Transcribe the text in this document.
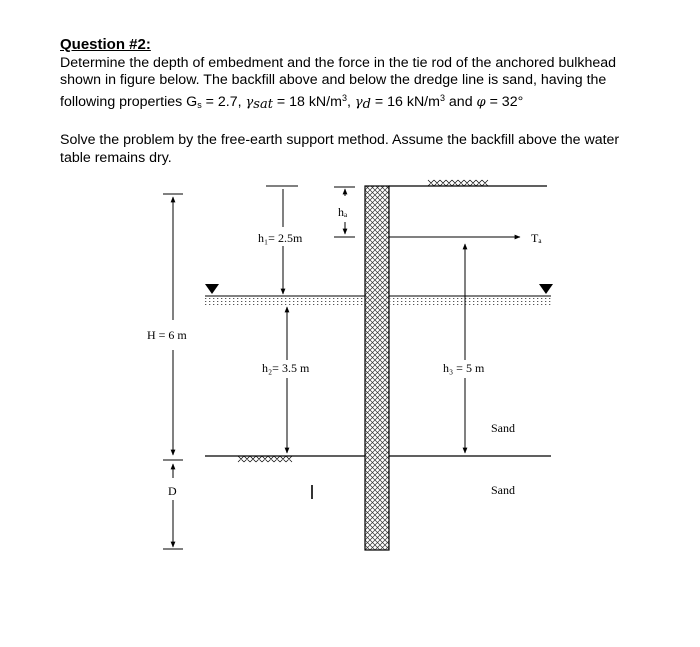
Question #2:

Determine the depth of embedment and the force in the tie rod of the anchored bulkhead

shown in figure below. The backfill above and below the dredge line is sand, having the

following properties $G_s = 2.7$, $\gamma_{sat} = 18$ $kN/m^3$, $\gamma_d = 16$ $kN/m^3$ and φ = 32°

Solve the problem by the free-earth support method. Assume the backfill above the water

table remains dry.

H = 6 m
D
h₁= 2.5m
h₂= 3.5 m
hₐ
Tₐ
h₃ = 5 m
Sand
Sand
